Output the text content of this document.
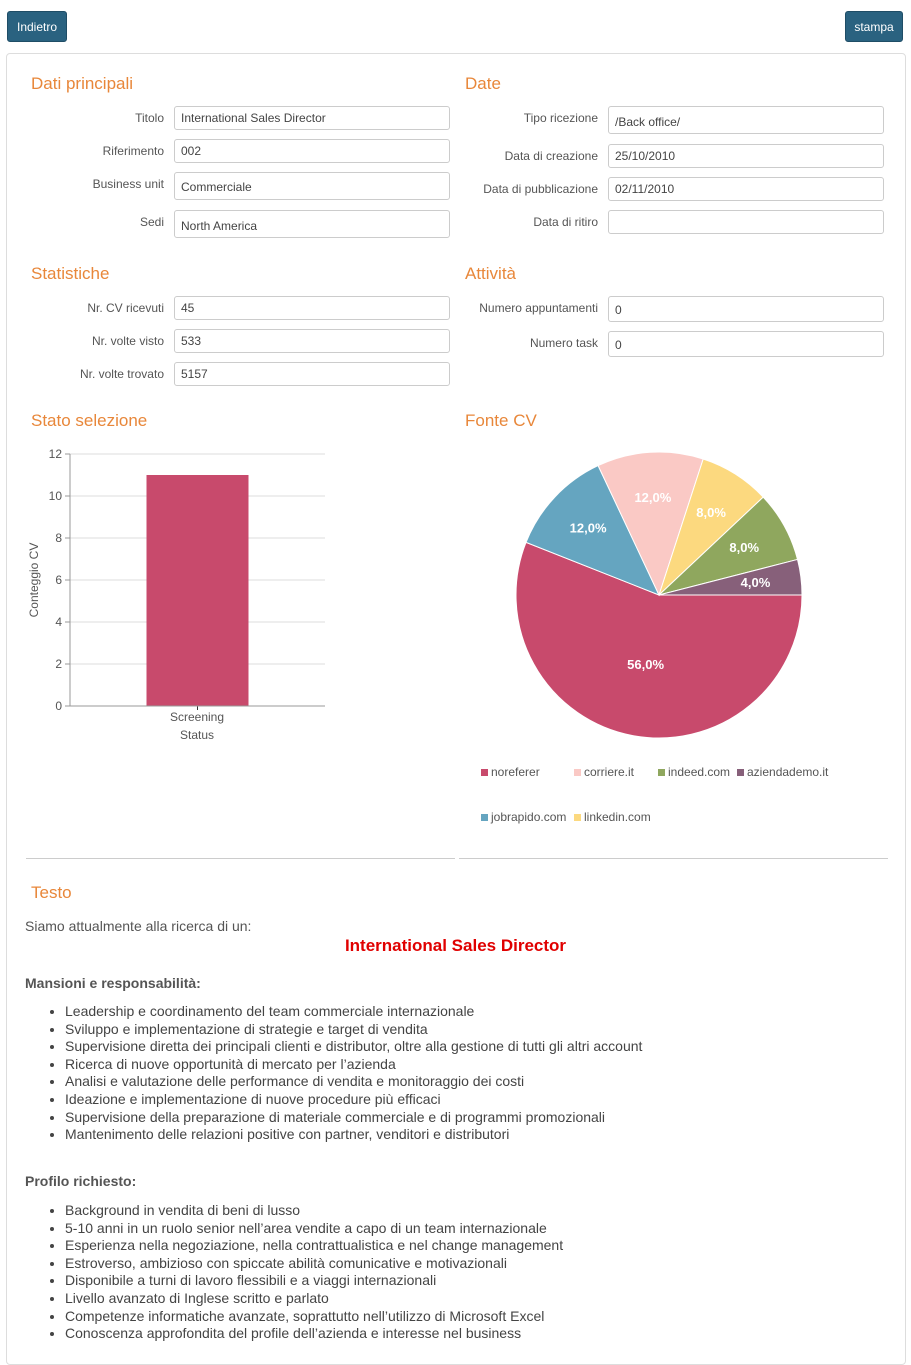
Indietro	stampa
Dati principali
Titolo	International Sales Director
Riferimento	002
Business unit	Commerciale
Sedi	North America
Date
Tipo ricezione	/Back office/
Data di creazione	25/10/2010
Data di pubblicazione	02/11/2010
Data di ritiro
Statistiche
Nr. CV ricevuti	45
Nr. volte visto	533
Nr. volte trovato	5157
Attività
Numero appuntamenti	0
Numero task	0
Stato selezione	Fonte CV
0
2
4
6
8
10
12
Screening
Status
Conteggio CV
56,0%
12,0%
12,0%
8,0%
8,0%
4,0%
noreferer	corriere.it	indeed.com aziendademo.it
jobrapido.com linkedin.com
Testo
Siamo attualmente alla ricerca di un:
International Sales Director
Mansioni e responsabilità:
• Leadership e coordinamento del team commerciale internazionale
• Sviluppo e implementazione di strategie e target di vendita
• Supervisione diretta dei principali clienti e distributor, oltre alla gestione di tutti gli altri account
• Ricerca di nuove opportunità di mercato per l’azienda
• Analisi e valutazione delle performance di vendita e monitoraggio dei costi
• Ideazione e implementazione di nuove procedure più efficaci
• Supervisione della preparazione di materiale commerciale e di programmi promozionali
• Mantenimento delle relazioni positive con partner, venditori e distributori
Profilo richiesto:
• Background in vendita di beni di lusso
• 5-10 anni in un ruolo senior nell’area vendite a capo di un team internazionale
• Esperienza nella negoziazione, nella contrattualistica e nel change management
• Estroverso, ambizioso con spiccate abilità comunicative e motivazionali
• Disponibile a turni di lavoro flessibili e a viaggi internazionali
• Livello avanzato di Inglese scritto e parlato
• Competenze informatiche avanzate, soprattutto nell’utilizzo di Microsoft Excel
• Conoscenza approfondita del profile dell’azienda e interesse nel business
